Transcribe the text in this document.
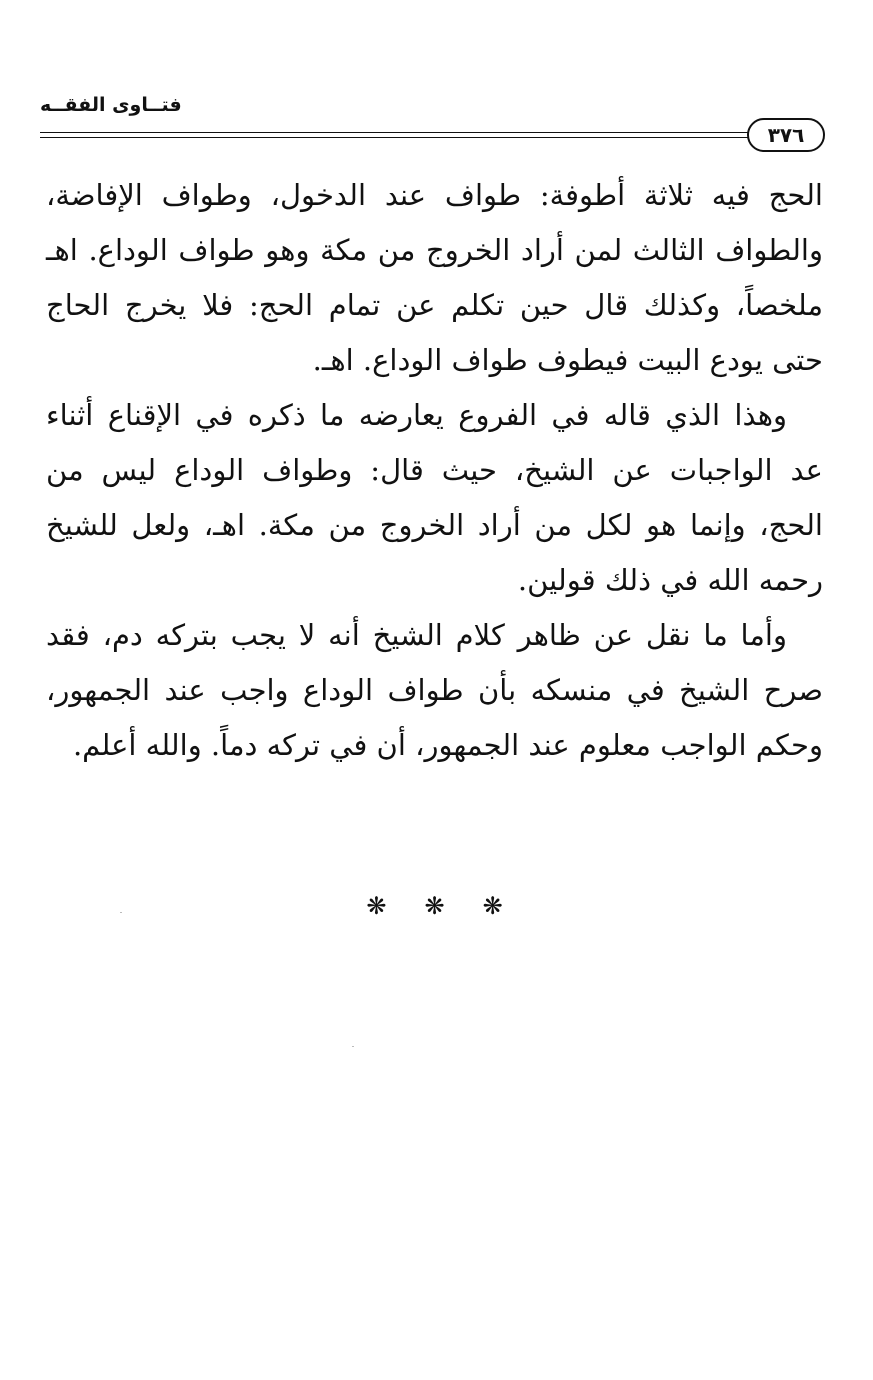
فتــاوى الفقــه
٣٧٦

الحج فيه ثلاثة أطوفة: طواف عند الدخول، وطواف الإفاضة،
والطواف الثالث لمن أراد الخروج من مكة وهو طواف الوداع. اهـ
ملخصاً، وكذلك قال حين تكلم عن تمام الحج: فلا يخرج الحاج
حتى يودع البيت فيطوف طواف الوداع. اهـ.

وهذا الذي قاله في الفروع يعارضه ما ذكره في الإقناع أثناء
عد الواجبات عن الشيخ، حيث قال: وطواف الوداع ليس من
الحج، وإنما هو لكل من أراد الخروج من مكة. اهـ، ولعل للشيخ
رحمه الله في ذلك قولين.

وأما ما نقل عن ظاهر كلام الشيخ أنه لا يجب بتركه دم، فقد
صرح الشيخ في منسكه بأن طواف الوداع واجب عند الجمهور،
وحكم الواجب معلوم عند الجمهور، أن في تركه دماً. والله أعلم.

❋
❋
❋
